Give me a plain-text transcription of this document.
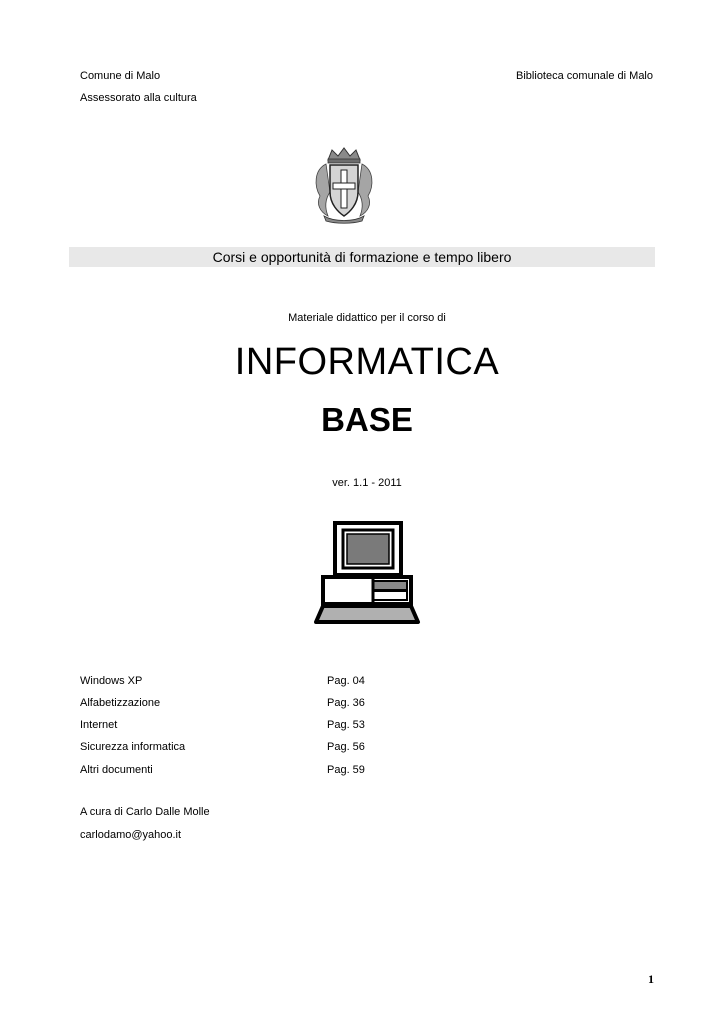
Comune di Malo
Assessorato alla cultura
Biblioteca comunale di Malo
Corsi e opportunità di formazione e tempo libero
Materiale didattico per il corso di
INFORMATICA
BASE
ver. 1.1 - 2011
Windows XP	Pag. 04
Alfabetizzazione	Pag. 36
Internet	Pag. 53
Sicurezza informatica	Pag. 56
Altri documenti	Pag. 59
A cura di Carlo Dalle Molle
carlodamo@yahoo.it
1
